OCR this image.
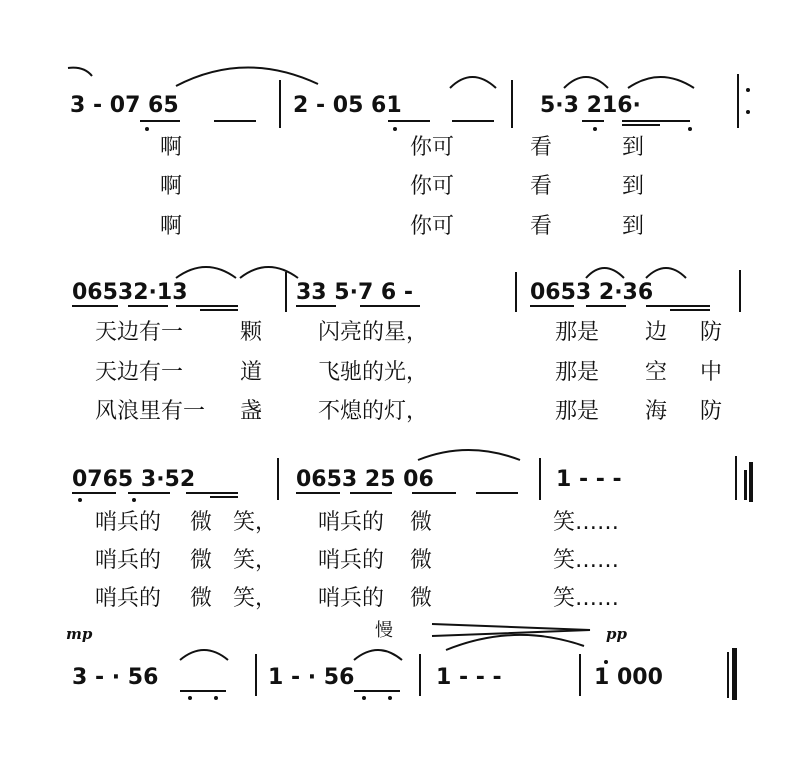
3 - 07 65	2 - 05 61	5·3 216·
啊	你可	看	到
啊	你可	看	到
啊	你可	看	到
06532·13	33 5·7 6 -	0653 2·36
天边有一	颗	闪亮的星，	那是 边 防
天边有一	道	飞驰的光，	那是 空 中
风浪里有一 盏	不熄的灯，	那是 海 防
0765 3·52	0653 25 06	1 - - -
哨兵的 微 笑， 哨兵的 微	笑……
哨兵的 微 笑， 哨兵的 微	笑……
哨兵的 微 笑， 哨兵的 微	笑……
mp	慢	pp
3 - · 56	1 - · 56	1 - - -	1 000
